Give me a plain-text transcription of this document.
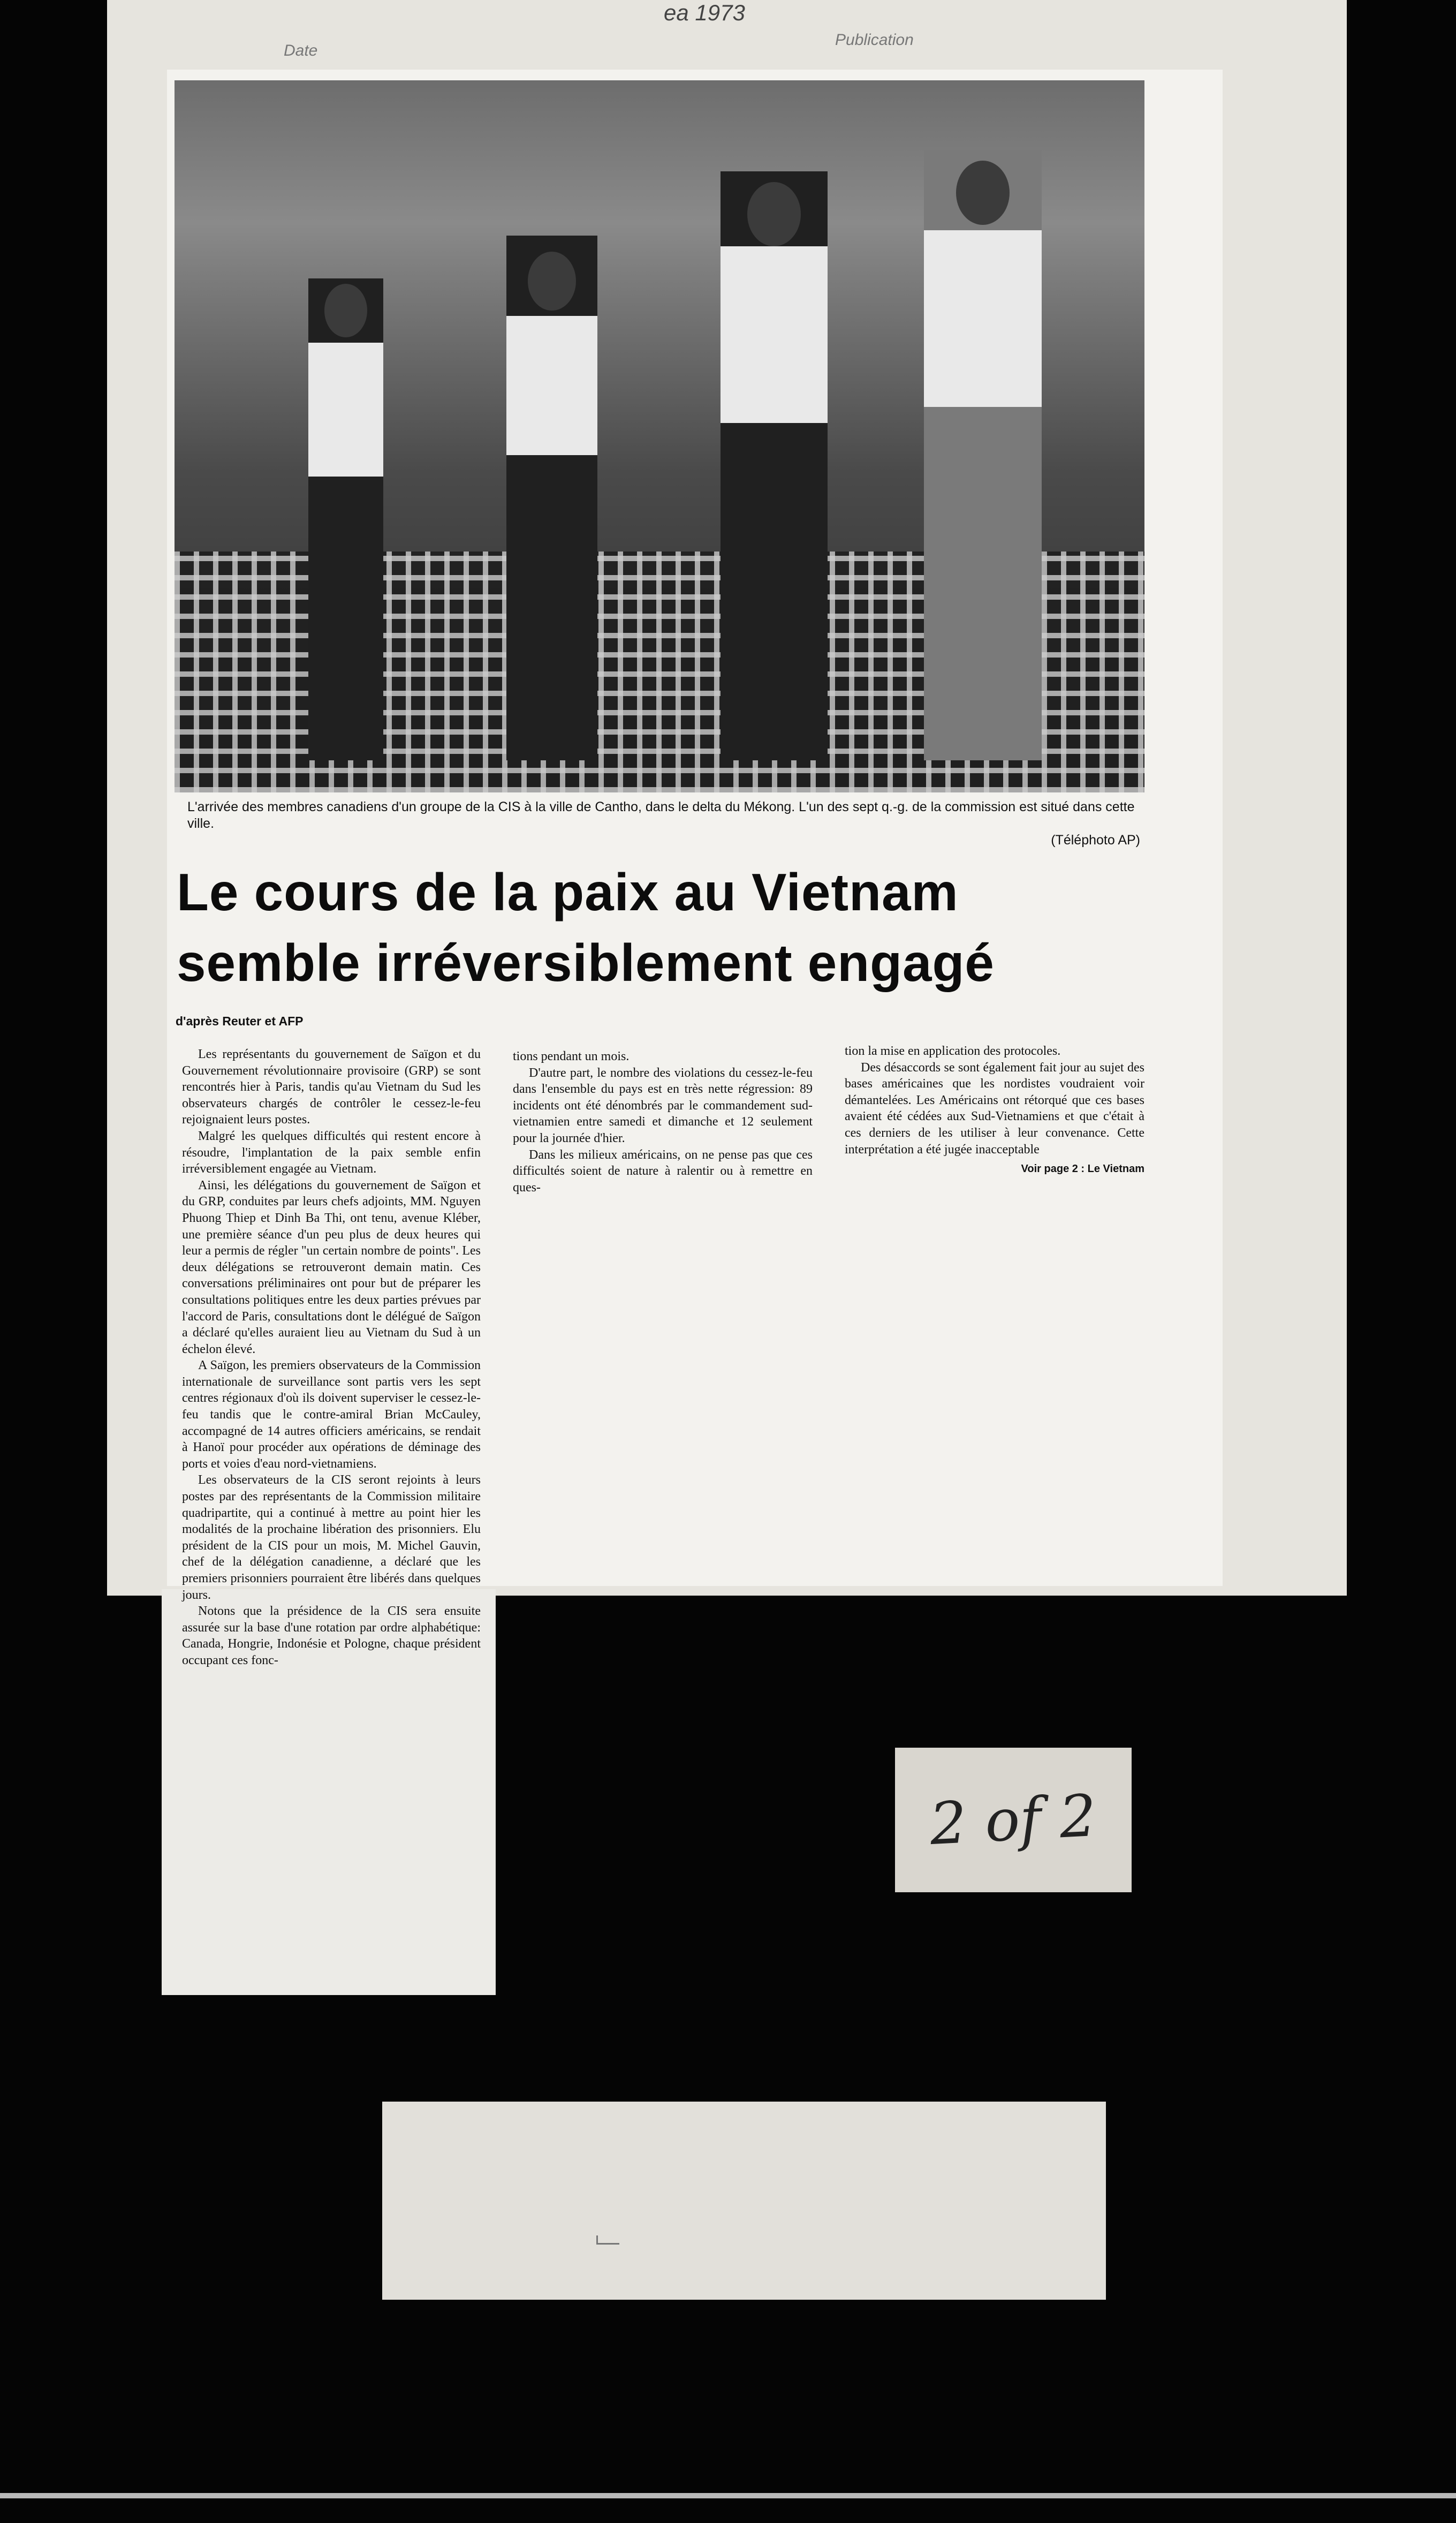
ea 1973
Date
Publication
L'arrivée des membres canadiens d'un groupe de la CIS à la ville de Cantho, dans le delta du Mékong. L'un des sept q.-g. de la commission est situé dans cette ville.
(Téléphoto AP)
Le cours de la paix au Vietnam
semble irréversiblement engagé
d'après Reuter et AFP

Les représentants du gouvernement de Saïgon et du Gouvernement révolutionnaire provisoire (GRP) se sont rencontrés hier à Paris, tandis qu'au Vietnam du Sud les observateurs chargés de contrôler le cessez-le-feu rejoignaient leurs postes.

Malgré les quelques difficultés qui restent encore à résoudre, l'implantation de la paix semble enfin irréversiblement engagée au Vietnam.

Ainsi, les délégations du gouvernement de Saïgon et du GRP, conduites par leurs chefs adjoints, MM. Nguyen Phuong Thiep et Dinh Ba Thi, ont tenu, avenue Kléber, une première séance d'un peu plus de deux heures qui leur a permis de régler "un certain nombre de points". Les deux délégations se retrouveront demain matin. Ces conversations préliminaires ont pour but de préparer les consultations politiques entre les deux parties prévues par l'accord de Paris, consultations dont le délégué de Saïgon a déclaré qu'elles auraient lieu au Vietnam du Sud à un échelon élevé.

A Saïgon, les premiers observateurs de la Commission internationale de surveillance sont partis vers les sept centres régionaux d'où ils doivent superviser le cessez-le-feu tandis que le contre-amiral Brian McCauley, accompagné de 14 autres officiers américains, se rendait à Hanoï pour procéder aux opérations de déminage des ports et voies d'eau nord-vietnamiens.

Les observateurs de la CIS seront rejoints à leurs postes par des représentants de la Commission militaire quadripartite, qui a continué à mettre au point hier les modalités de la prochaine libération des prisonniers. Elu président de la CIS pour un mois, M. Michel Gauvin, chef de la délégation canadienne, a déclaré que les premiers prisonniers pourraient être libérés dans quelques jours.

Notons que la présidence de la CIS sera ensuite assurée sur la base d'une rotation par ordre alphabétique: Canada, Hongrie, Indonésie et Pologne, chaque président occupant ces fonc-

tions pendant un mois.

D'autre part, le nombre des violations du cessez-le-feu dans l'ensemble du pays est en très nette régression: 89 incidents ont été dénombrés par le commandement sud-vietnamien entre samedi et dimanche et 12 seulement pour la journée d'hier.

Dans les milieux américains, on ne pense pas que ces difficultés soient de nature à ralentir ou à remettre en ques-

tion la mise en application des protocoles.

Des désaccords se sont également fait jour au sujet des bases américaines que les nordistes voudraient voir démantelées. Les Américains ont rétorqué que ces bases avaient été cédées aux Sud-Vietnamiens et que c'était à ces derniers de les utiliser à leur convenance. Cette interprétation a été jugée inacceptable

Voir page 2 : Le Vietnam
2 of 2
